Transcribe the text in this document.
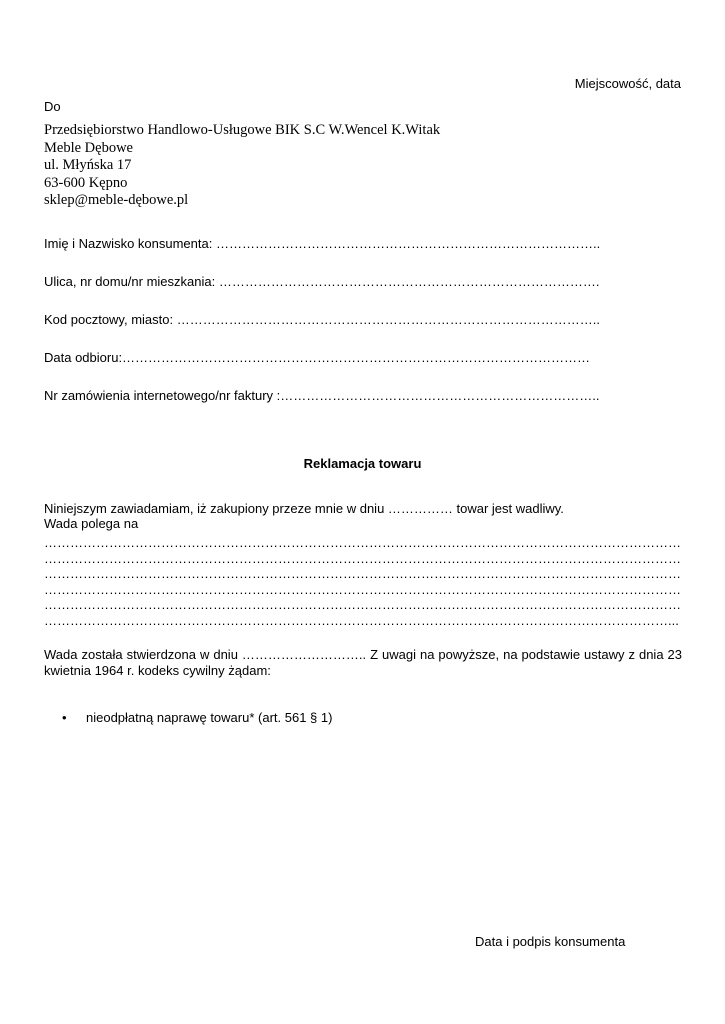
Miejscowość, data

Do

Przedsiębiorstwo Handlowo-Usługowe BIK S.C W.Wencel K.Witak
Meble Dębowe
ul. Młyńska 17
63-600 Kępno
sklep@meble-dębowe.pl

Imię i Nazwisko konsumenta: ……………………………………………………………………………..

Ulica, nr domu/nr mieszkania: …………………………………………………………………………….

Kod pocztowy, miasto: ……………………………………………………………………………………..

Data odbioru:………………………………………………………………………………………………

Nr zamówienia internetowego/nr faktury :………………………………………………………………..

Reklamacja towaru

Niniejszym zawiadamiam, iż zakupiony przeze mnie w dniu …………… towar jest wadliwy.
Wada polega na
…………………………………………………………………………………………………………………………………
…………………………………………………………………………………………………………………………………
…………………………………………………………………………………………………………………………………
…………………………………………………………………………………………………………………………………
…………………………………………………………………………………………………………………………………
………………………………………………………………………………………………………………………………...

Wada została stwierdzona w dniu ……………………….. Z uwagi na powyższe, na podstawie ustawy z dnia 23 kwietnia 1964 r. kodeks cywilny żądam:

• nieodpłatną naprawę towaru* (art. 561 § 1)

Data i podpis konsumenta
